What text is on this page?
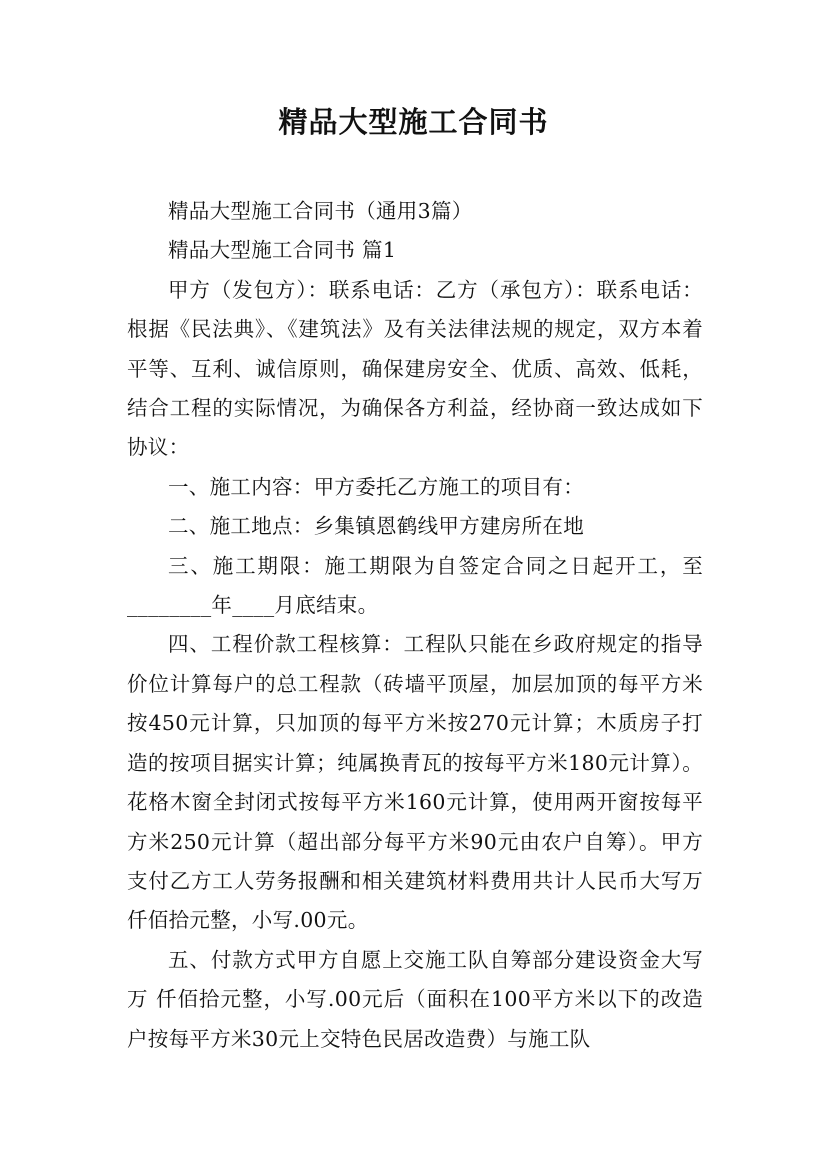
精品大型施工合同书

精品大型施工合同书（通用3篇）

精品大型施工合同书 篇1

甲方（发包方）：联系电话：乙方（承包方）：联系电话：根据《民法典》、《建筑法》及有关法律法规的规定，双方本着平等、互利、诚信原则，确保建房安全、优质、高效、低耗，结合工程的实际情况，为确保各方利益，经协商一致达成如下协议：

一、施工内容：甲方委托乙方施工的项目有：

二、施工地点：乡集镇恩鹤线甲方建房所在地

三、施工期限：施工期限为自签定合同之日起开工，至________年____月底结束。

四、工程价款工程核算：工程队只能在乡政府规定的指导价位计算每户的总工程款（砖墙平顶屋，加层加顶的每平方米按450元计算，只加顶的每平方米按270元计算；木质房子打造的按项目据实计算；纯属换青瓦的按每平方米180元计算）。花格木窗全封闭式按每平方米160元计算，使用两开窗按每平方米250元计算（超出部分每平方米90元由农户自筹）。甲方支付乙方工人劳务报酬和相关建筑材料费用共计人民币大写万仟佰拾元整，小写.00元。

五、付款方式甲方自愿上交施工队自筹部分建设资金大写 万 仟佰拾元整，小写.00元后（面积在100平方米以下的改造户按每平方米30元上交特色民居改造费）与施工队
